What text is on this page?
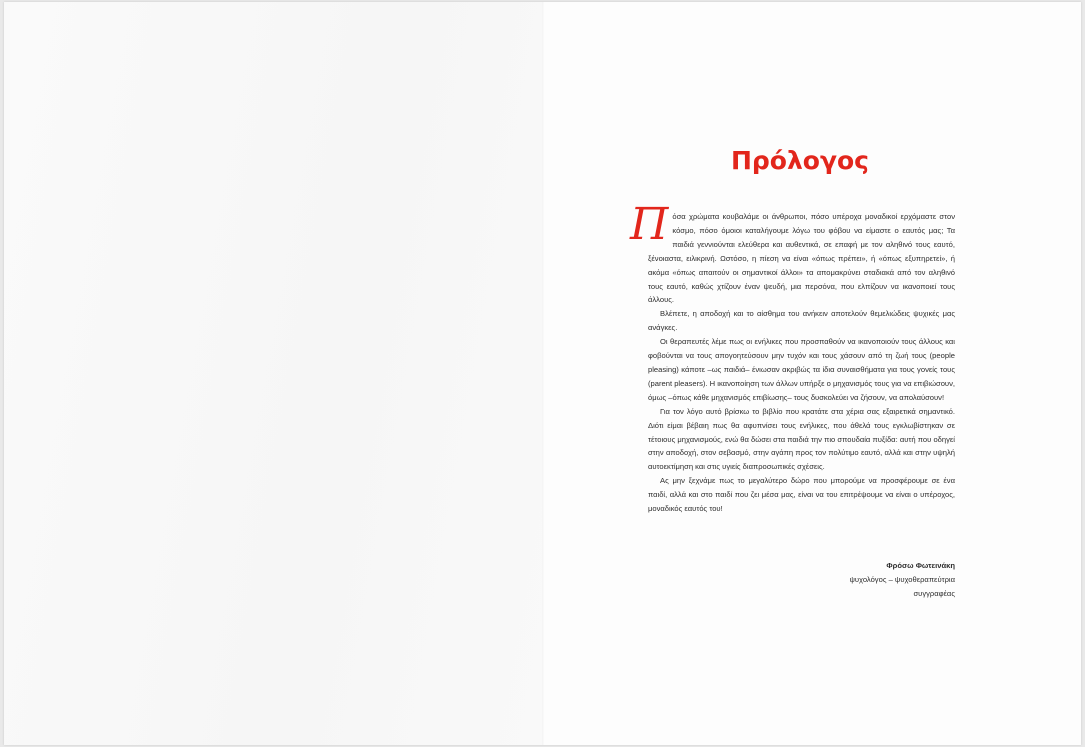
Πρόλογος

Πόσα χρώματα κουβαλάμε οι άνθρωποι, πόσο υπέροχα μοναδικοί ερχόμαστε στον κόσμο, πόσο όμοιοι καταλήγουμε λόγω του φόβου να είμαστε ο εαυτός μας; Τα παιδιά γεννιούνται ελεύθερα και αυθεντικά, σε επαφή με τον αληθινό τους εαυτό, ξένοιαστα, ειλικρινή. Ωστόσο, η πίεση να είναι «όπως πρέπει», ή «όπως εξυπηρετεί», ή ακόμα «όπως απαιτούν οι σημαντικοί άλλοι» τα απομακρύνει σταδιακά από τον αληθινό τους εαυτό, καθώς χτίζουν έναν ψευδή, μια περσόνα, που ελπίζουν να ικανοποιεί τους άλλους.

Βλέπετε, η αποδοχή και το αίσθημα του ανήκειν αποτελούν θεμελιώδεις ψυχικές μας ανάγκες.

Οι θεραπευτές λέμε πως οι ενήλικες που προσπαθούν να ικανοποιούν τους άλλους και φοβούνται να τους απογοητεύσουν μην τυχόν και τους χάσουν από τη ζωή τους (people pleasing) κάποτε –ως παιδιά– ένιωσαν ακριβώς τα ίδια συναισθήματα για τους γονείς τους (parent pleasers). Η ικανοποίηση των άλλων υπήρξε ο μηχανισμός τους για να επιβιώσουν, όμως –όπως κάθε μηχανισμός επιβίωσης– τους δυσκολεύει να ζήσουν, να απολαύσουν!

Για τον λόγο αυτό βρίσκω το βιβλίο που κρατάτε στα χέρια σας εξαιρετικά σημαντικό. Διότι είμαι βέβαιη πως θα αφυπνίσει τους ενήλικες, που άθελά τους εγκλωβίστηκαν σε τέτοιους μηχανισμούς, ενώ θα δώσει στα παιδιά την πιο σπουδαία πυξίδα: αυτή που οδηγεί στην αποδοχή, στον σεβασμό, στην αγάπη προς τον πολύτιμο εαυτό, αλλά και στην υψηλή αυτοεκτίμηση και στις υγιείς διαπροσωπικές σχέσεις.

Ας μην ξεχνάμε πως το μεγαλύτερο δώρο που μπορούμε να προσφέρουμε σε ένα παιδί, αλλά και στο παιδί που ζει μέσα μας, είναι να του επιτρέψουμε να είναι ο υπέροχος, μοναδικός εαυτός του!

Φρόσω Φωτεινάκη
ψυχολόγος – ψυχοθεραπεύτρια
συγγραφέας
